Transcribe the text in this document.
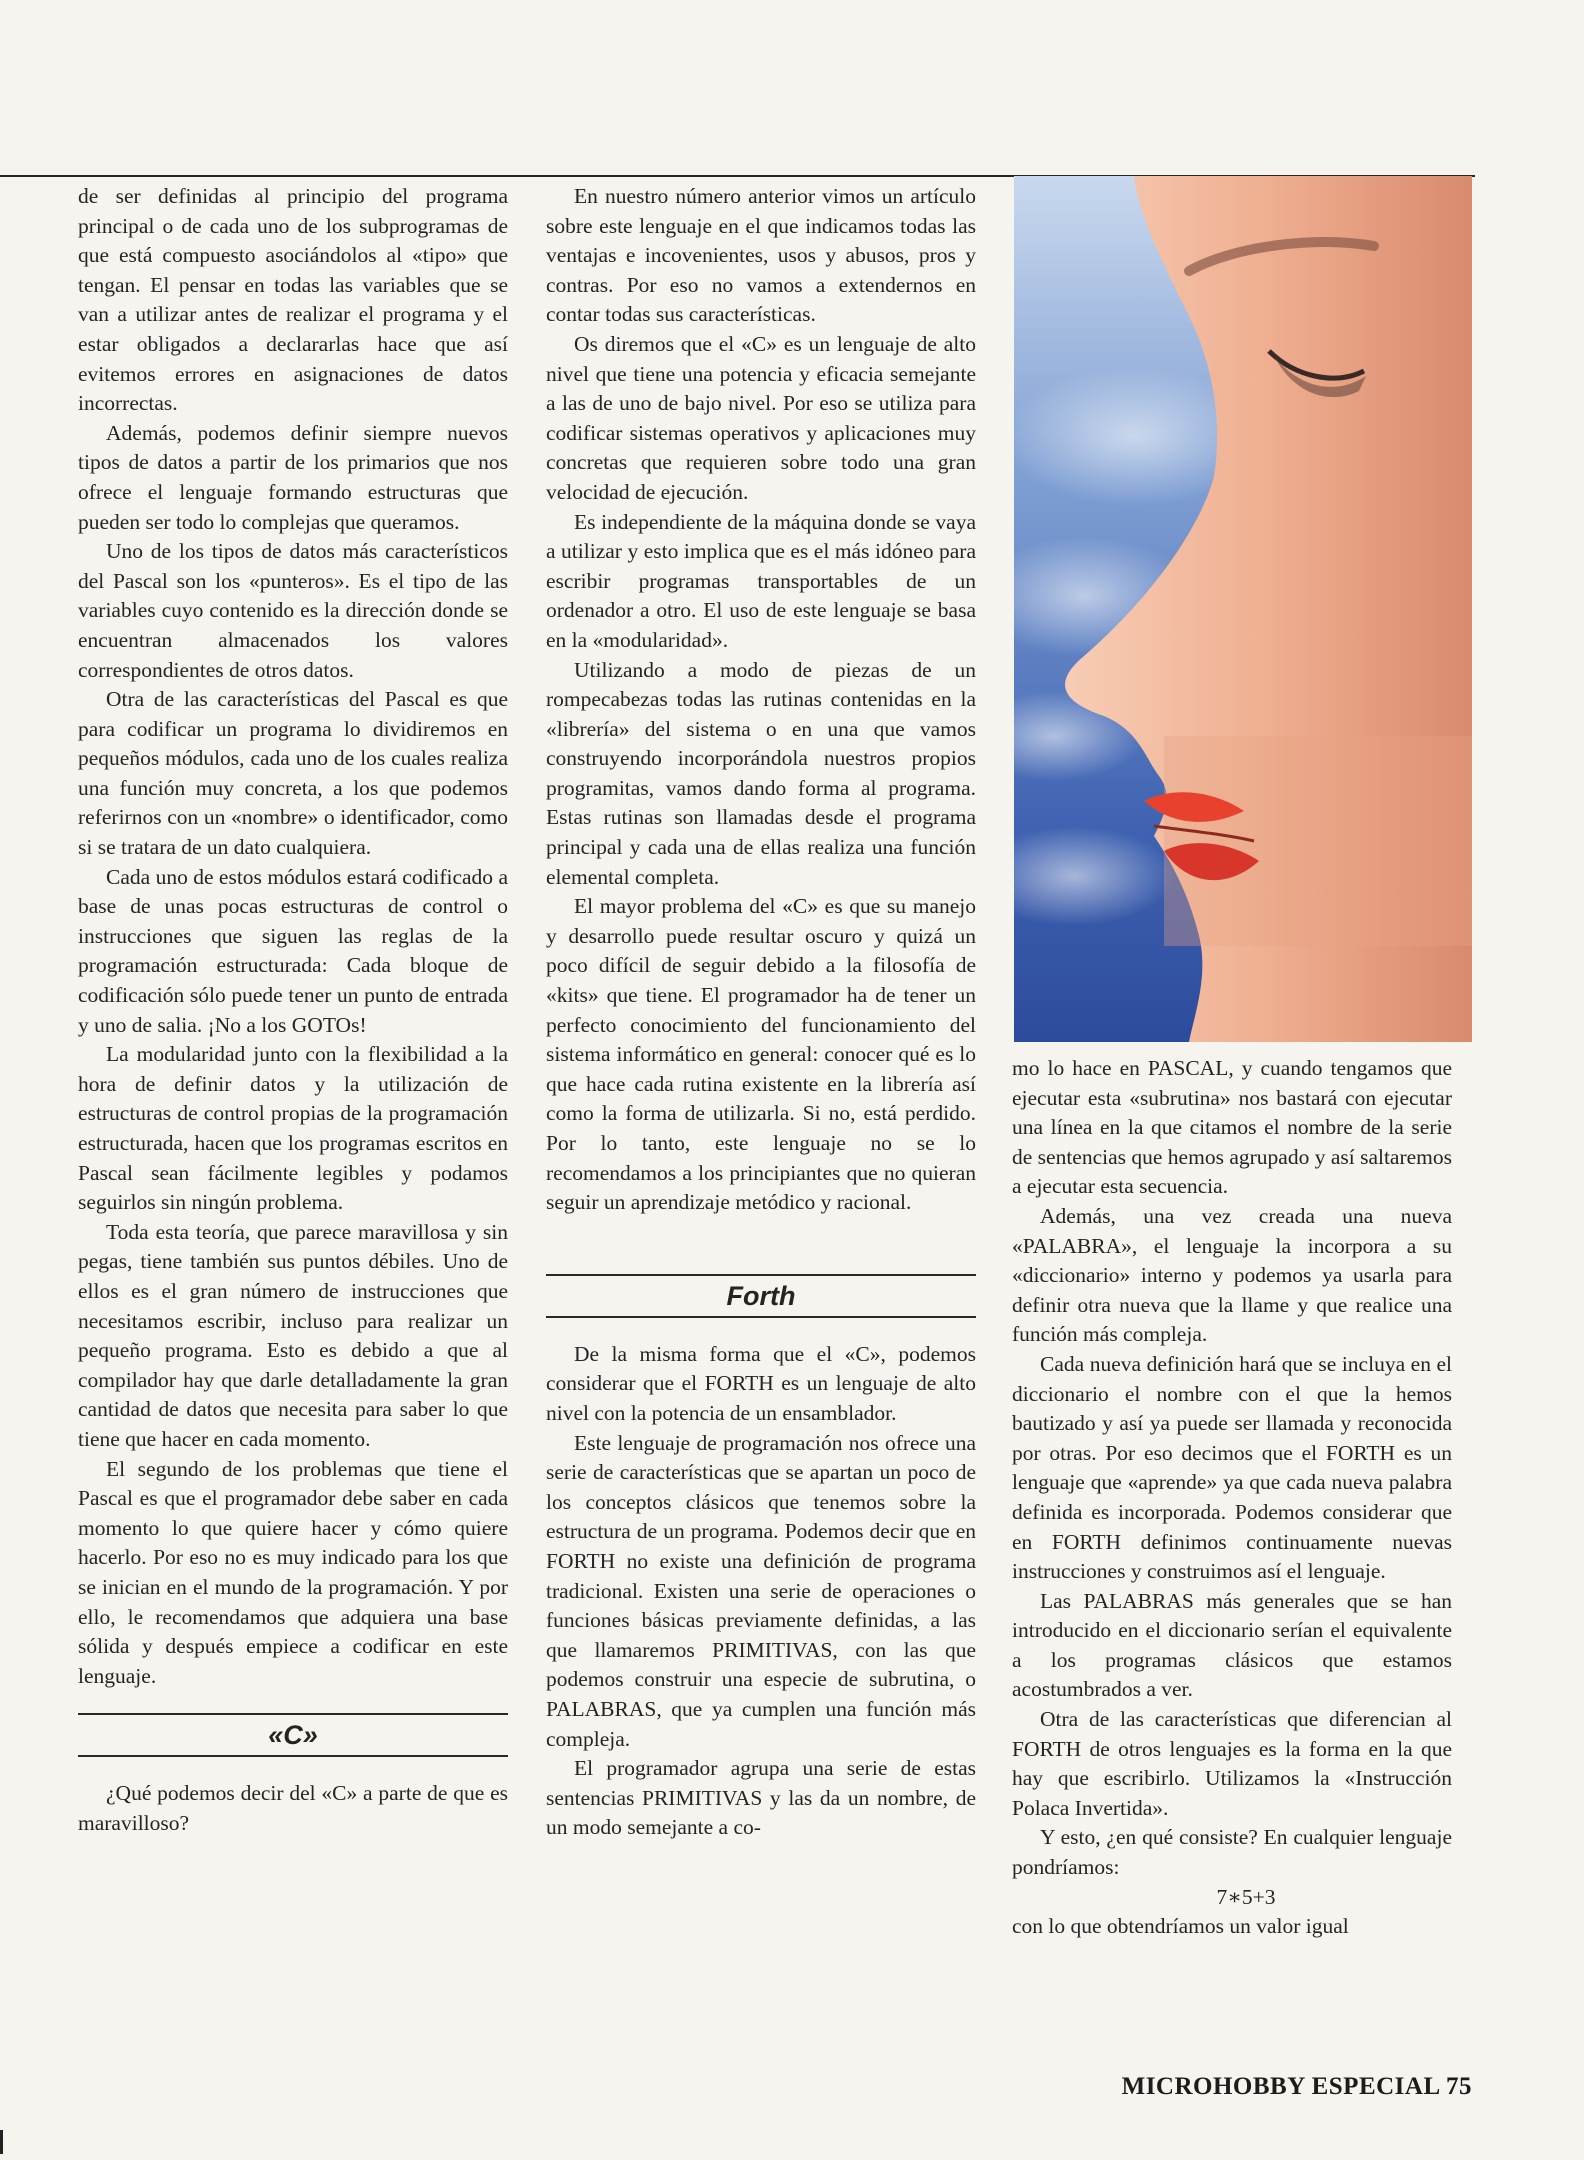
de ser definidas al principio del programa principal o de cada uno de los subprogramas de que está compuesto asociándolos al «tipo» que tengan. El pensar en todas las variables que se van a utilizar antes de realizar el programa y el estar obligados a declararlas hace que así evitemos errores en asignaciones de datos incorrectas.

Además, podemos definir siempre nuevos tipos de datos a partir de los primarios que nos ofrece el lenguaje formando estructuras que pueden ser todo lo complejas que queramos.

Uno de los tipos de datos más característicos del Pascal son los «punteros». Es el tipo de las variables cuyo contenido es la dirección donde se encuentran almacenados los valores correspondientes de otros datos.

Otra de las características del Pascal es que para codificar un programa lo dividiremos en pequeños módulos, cada uno de los cuales realiza una función muy concreta, a los que podemos referirnos con un «nombre» o identificador, como si se tratara de un dato cualquiera.

Cada uno de estos módulos estará codificado a base de unas pocas estructuras de control o instrucciones que siguen las reglas de la programación estructurada: Cada bloque de codificación sólo puede tener un punto de entrada y uno de salia. ¡No a los GOTOs!

La modularidad junto con la flexibilidad a la hora de definir datos y la utilización de estructuras de control propias de la programación estructurada, hacen que los programas escritos en Pascal sean fácilmente legibles y podamos seguirlos sin ningún problema.

Toda esta teoría, que parece maravillosa y sin pegas, tiene también sus puntos débiles. Uno de ellos es el gran número de instrucciones que necesitamos escribir, incluso para realizar un pequeño programa. Esto es debido a que al compilador hay que darle detalladamente la gran cantidad de datos que necesita para saber lo que tiene que hacer en cada momento.

El segundo de los problemas que tiene el Pascal es que el programador debe saber en cada momento lo que quiere hacer y cómo quiere hacerlo. Por eso no es muy indicado para los que se inician en el mundo de la programación. Y por ello, le recomendamos que adquiera una base sólida y después empiece a codificar en este lenguaje.

«C»

¿Qué podemos decir del «C» a parte de que es maravilloso?

En nuestro número anterior vimos un artículo sobre este lenguaje en el que indicamos todas las ventajas e incovenientes, usos y abusos, pros y contras. Por eso no vamos a extendernos en contar todas sus características.

Os diremos que el «C» es un lenguaje de alto nivel que tiene una potencia y eficacia semejante a las de uno de bajo nivel. Por eso se utiliza para codificar sistemas operativos y aplicaciones muy concretas que requieren sobre todo una gran velocidad de ejecución.

Es independiente de la máquina donde se vaya a utilizar y esto implica que es el más idóneo para escribir programas transportables de un ordenador a otro. El uso de este lenguaje se basa en la «modularidad».

Utilizando a modo de piezas de un rompecabezas todas las rutinas contenidas en la «librería» del sistema o en una que vamos construyendo incorporándola nuestros propios programitas, vamos dando forma al programa. Estas rutinas son llamadas desde el programa principal y cada una de ellas realiza una función elemental completa.

El mayor problema del «C» es que su manejo y desarrollo puede resultar oscuro y quizá un poco difícil de seguir debido a la filosofía de «kits» que tiene. El programador ha de tener un perfecto conocimiento del funcionamiento del sistema informático en general: conocer qué es lo que hace cada rutina existente en la librería así como la forma de utilizarla. Si no, está perdido. Por lo tanto, este lenguaje no se lo recomendamos a los principiantes que no quieran seguir un aprendizaje metódico y racional.

Forth

De la misma forma que el «C», podemos considerar que el FORTH es un lenguaje de alto nivel con la potencia de un ensamblador.

Este lenguaje de programación nos ofrece una serie de características que se apartan un poco de los conceptos clásicos que tenemos sobre la estructura de un programa. Podemos decir que en FORTH no existe una definición de programa tradicional. Existen una serie de operaciones o funciones básicas previamente definidas, a las que llamaremos PRIMITIVAS, con las que podemos construir una especie de subrutina, o PALABRAS, que ya cumplen una función más compleja.

El programador agrupa una serie de estas sentencias PRIMITIVAS y las da un nombre, de un modo semejante a co-

mo lo hace en PASCAL, y cuando tengamos que ejecutar esta «subrutina» nos bastará con ejecutar una línea en la que citamos el nombre de la serie de sentencias que hemos agrupado y así saltaremos a ejecutar esta secuencia.

Además, una vez creada una nueva «PALABRA», el lenguaje la incorpora a su «diccionario» interno y podemos ya usarla para definir otra nueva que la llame y que realice una función más compleja.

Cada nueva definición hará que se incluya en el diccionario el nombre con el que la hemos bautizado y así ya puede ser llamada y reconocida por otras. Por eso decimos que el FORTH es un lenguaje que «aprende» ya que cada nueva palabra definida es incorporada. Podemos considerar que en FORTH definimos continuamente nuevas instrucciones y construimos así el lenguaje.

Las PALABRAS más generales que se han introducido en el diccionario serían el equivalente a los programas clásicos que estamos acostumbrados a ver.

Otra de las características que diferencian al FORTH de otros lenguajes es la forma en la que hay que escribirlo. Utilizamos la «Instrucción Polaca Invertida».

Y esto, ¿en qué consiste? En cualquier lenguaje pondríamos:

7∗5+3

con lo que obtendríamos un valor igual

MICROHOBBY ESPECIAL 75
